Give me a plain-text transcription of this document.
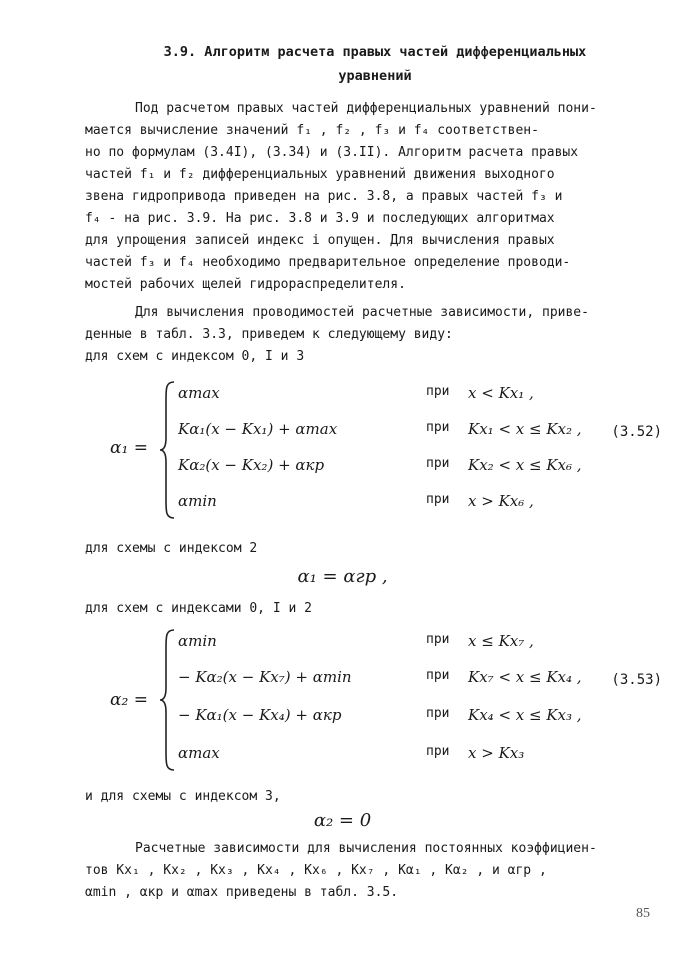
3.9. Алгоритм расчета правых частей дифференциальных
уравнений
Под расчетом правых частей дифференциальных уравнений пони-
мается вычисление значений f₁ , f₂ , f₃ и f₄ соответствен-
но по формулам (3.4I), (3.34) и (3.II). Алгоритм расчета правых
частей f₁ и f₂ дифференциальных уравнений движения выходного
звена гидропривода приведен на рис. 3.8, а правых частей f₃ и
f₄ - на рис. 3.9. На рис. 3.8 и 3.9 и последующих алгоритмах
для упрощения записей индекс i опущен. Для вычисления правых
частей f₃ и f₄ необходимо предварительное определение проводи-
мостей рабочих щелей гидрораспределителя.
Для вычисления проводимостей расчетные зависимости, приве-
денные в табл. 3.3, приведем к следующему виду:
для схем с индексом 0, I и 3
α₁ =
αmax	при x < Kx₁ ,
Kα₁(x − Kx₁) + αmax	при Kx₁ < x ≤ Kx₂ ,
Kα₂(x − Kx₂) + αкр	при Kx₂ < x ≤ Kx₆ ,
αmin	при x > Kx₆ ,
(3.52)
для схемы с индексом 2
α₁ = αгр ,
для схем с индексами 0, I и 2
α₂ =
αmin	при x ≤ Kx₇ ,
− Kα₂(x − Kx₇) + αmin	при Kx₇ < x ≤ Kx₄ ,
− Kα₁(x − Kx₄) + αкр	при Kx₄ < x ≤ Kx₃ ,
αmax	при x > Kx₃
(3.53)
и для схемы с индексом 3,
α₂ = 0
Расчетные зависимости для вычисления постоянных коэффициен-
тов Kx₁ , Kx₂ , Kx₃ , Kx₄ , Kx₆ , Kx₇ , Kα₁ , Kα₂ , и αгр ,
αmin , αкр и αmax приведены в табл. 3.5.
85
